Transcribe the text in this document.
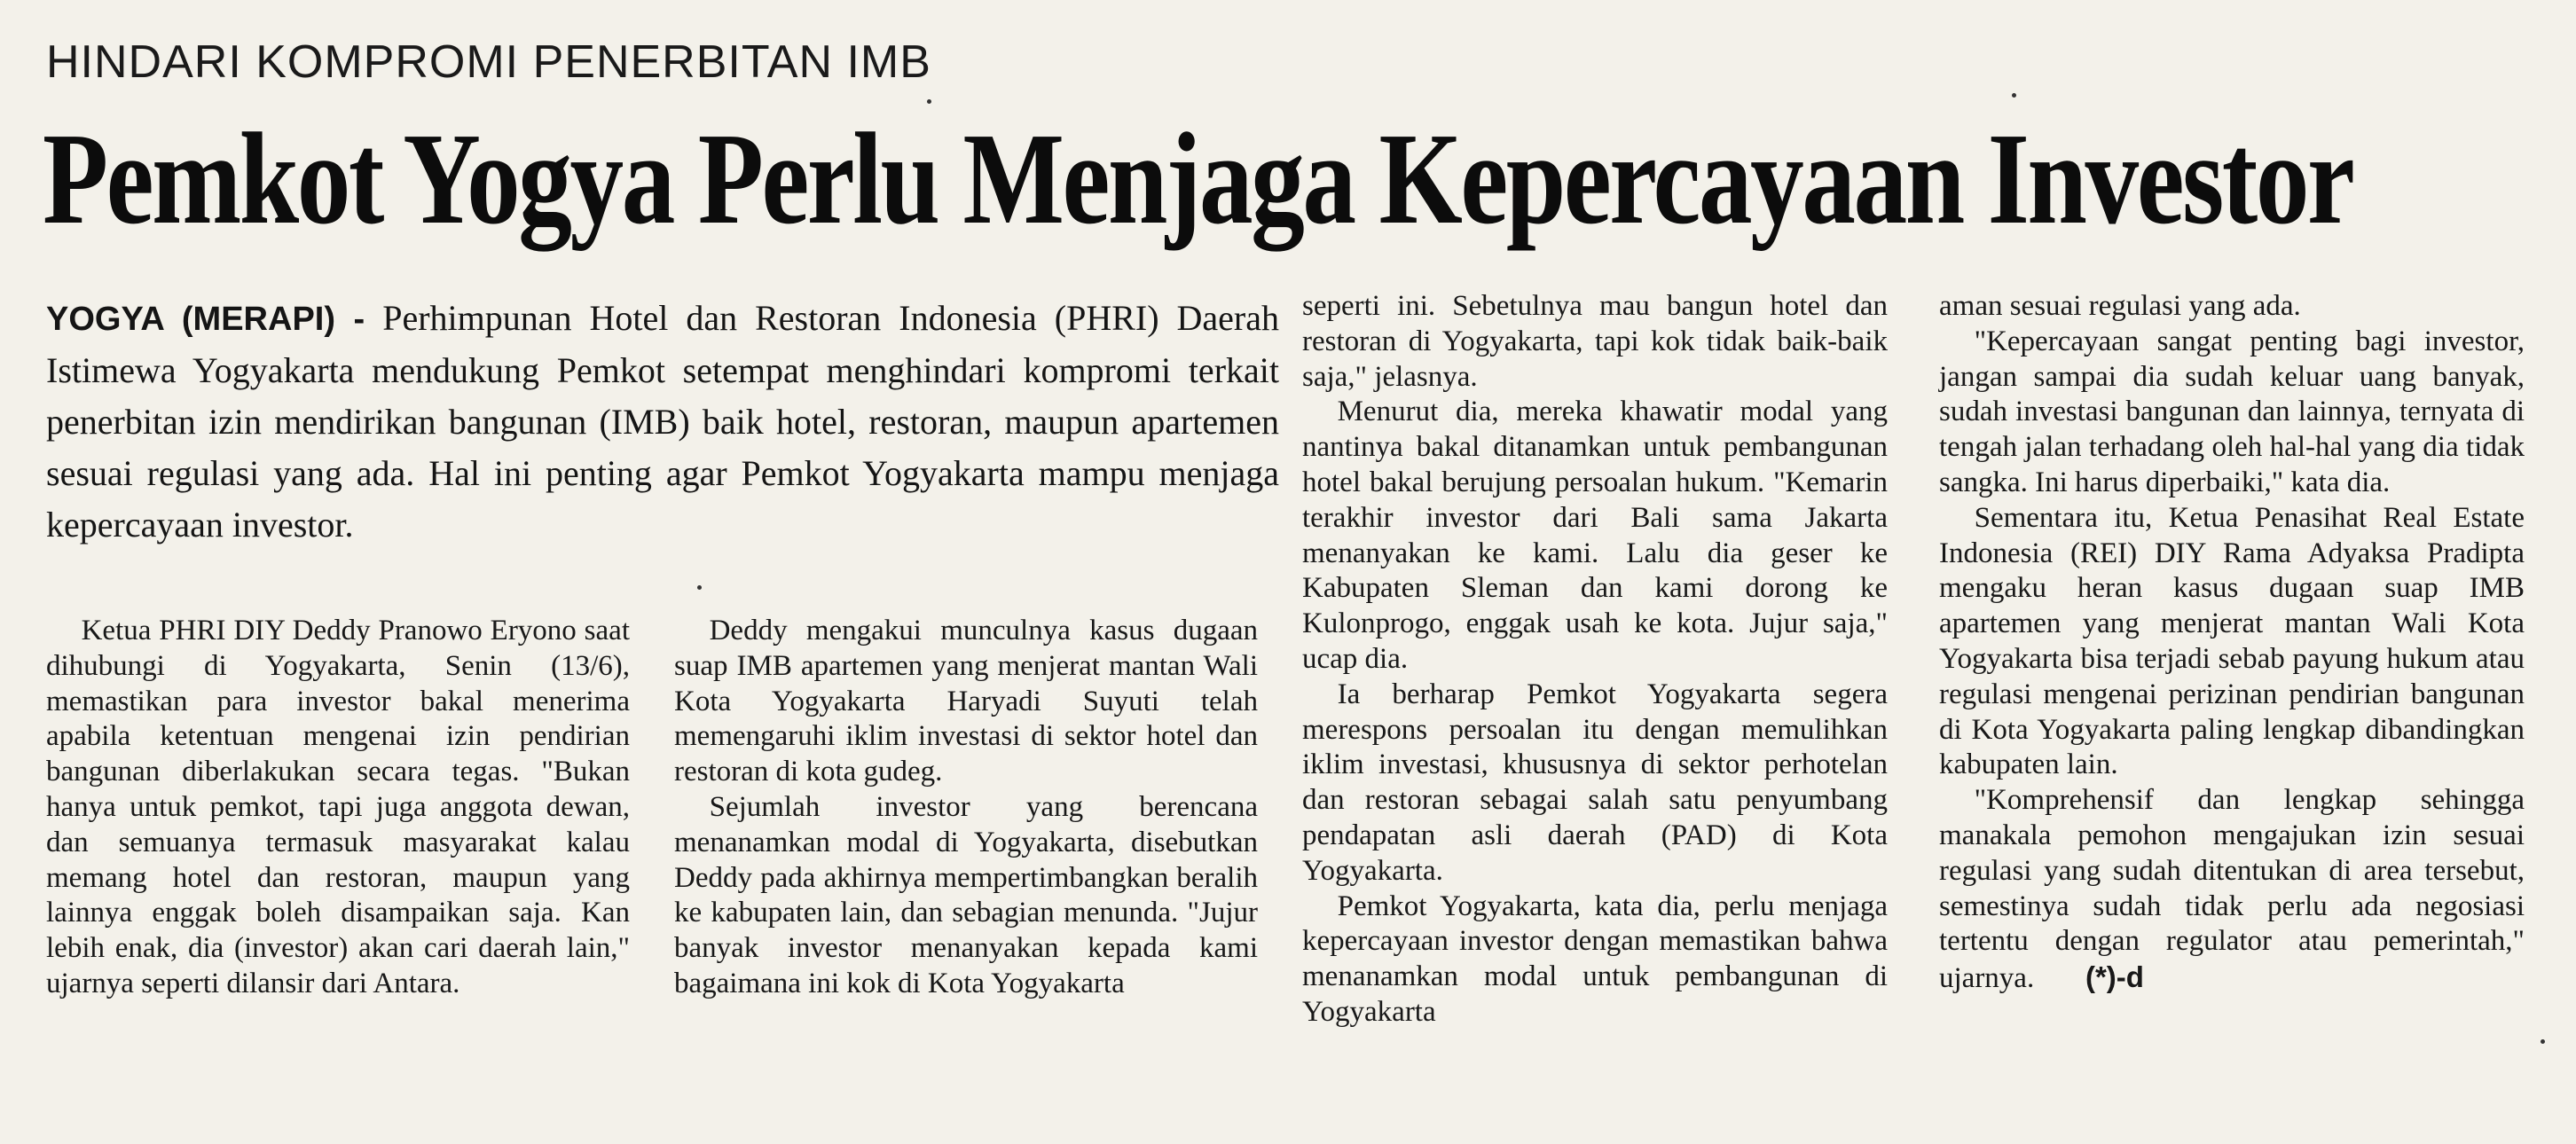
HINDARI KOMPROMI PENERBITAN IMB
Pemkot Yogya Perlu Menjaga Kepercayaan Investor
YOGYA (MERAPI) - Perhimpunan Hotel dan Restoran Indonesia (PHRI) Daerah Istimewa Yogyakarta mendukung Pemkot setempat menghindari kompromi terkait penerbitan izin mendirikan bangunan (IMB) baik hotel, restoran, maupun apartemen sesuai regulasi yang ada. Hal ini penting agar Pemkot Yogyakarta mampu menjaga kepercayaan investor.

Ketua PHRI DIY Deddy Pranowo Eryono saat dihubungi di Yogyakarta, Senin (13/6), memastikan para investor bakal menerima apabila ketentuan mengenai izin pendirian bangunan diberlakukan secara tegas. "Bukan hanya untuk pemkot, tapi juga anggota dewan, dan semuanya termasuk masyarakat kalau memang hotel dan restoran, maupun yang lainnya enggak boleh disampaikan saja. Kan lebih enak, dia (investor) akan cari daerah lain," ujarnya seperti dilansir dari Antara.

Deddy mengakui munculnya kasus dugaan suap IMB apartemen yang menjerat mantan Wali Kota Yogyakarta Haryadi Suyuti telah memengaruhi iklim investasi di sektor hotel dan restoran di kota gudeg.

Sejumlah investor yang berencana menanamkan modal di Yogyakarta, disebutkan Deddy pada akhirnya mempertimbangkan beralih ke kabupaten lain, dan sebagian menunda. "Jujur banyak investor menanyakan kepada kami bagaimana ini kok di Kota Yogyakarta

seperti ini. Sebetulnya mau bangun hotel dan restoran di Yogyakarta, tapi kok tidak baik-baik saja," jelasnya.

Menurut dia, mereka khawatir modal yang nantinya bakal ditanamkan untuk pembangunan hotel bakal berujung persoalan hukum. "Kemarin terakhir investor dari Bali sama Jakarta menanyakan ke kami. Lalu dia geser ke Kabupaten Sleman dan kami dorong ke Kulonprogo, enggak usah ke kota. Jujur saja," ucap dia.

Ia berharap Pemkot Yogyakarta segera merespons persoalan itu dengan memulihkan iklim investasi, khususnya di sektor perhotelan dan restoran sebagai salah satu penyumbang pendapatan asli daerah (PAD) di Kota Yogyakarta.

Pemkot Yogyakarta, kata dia, perlu menjaga kepercayaan investor dengan memastikan bahwa menanamkan modal untuk pembangunan di Yogyakarta

aman sesuai regulasi yang ada.

"Kepercayaan sangat penting bagi investor, jangan sampai dia sudah keluar uang banyak, sudah investasi bangunan dan lainnya, ternyata di tengah jalan terhadang oleh hal-hal yang dia tidak sangka. Ini harus diperbaiki," kata dia.

Sementara itu, Ketua Penasihat Real Estate Indonesia (REI) DIY Rama Adyaksa Pradipta mengaku heran kasus dugaan suap IMB apartemen yang menjerat mantan Wali Kota Yogyakarta bisa terjadi sebab payung hukum atau regulasi mengenai perizinan pendirian bangunan di Kota Yogyakarta paling lengkap dibandingkan kabupaten lain.

"Komprehensif dan lengkap sehingga manakala pemohon mengajukan izin sesuai regulasi yang sudah ditentukan di area tersebut, semestinya sudah tidak perlu ada negosiasi tertentu dengan regulator atau pemerintah," ujarnya. (*)-d
